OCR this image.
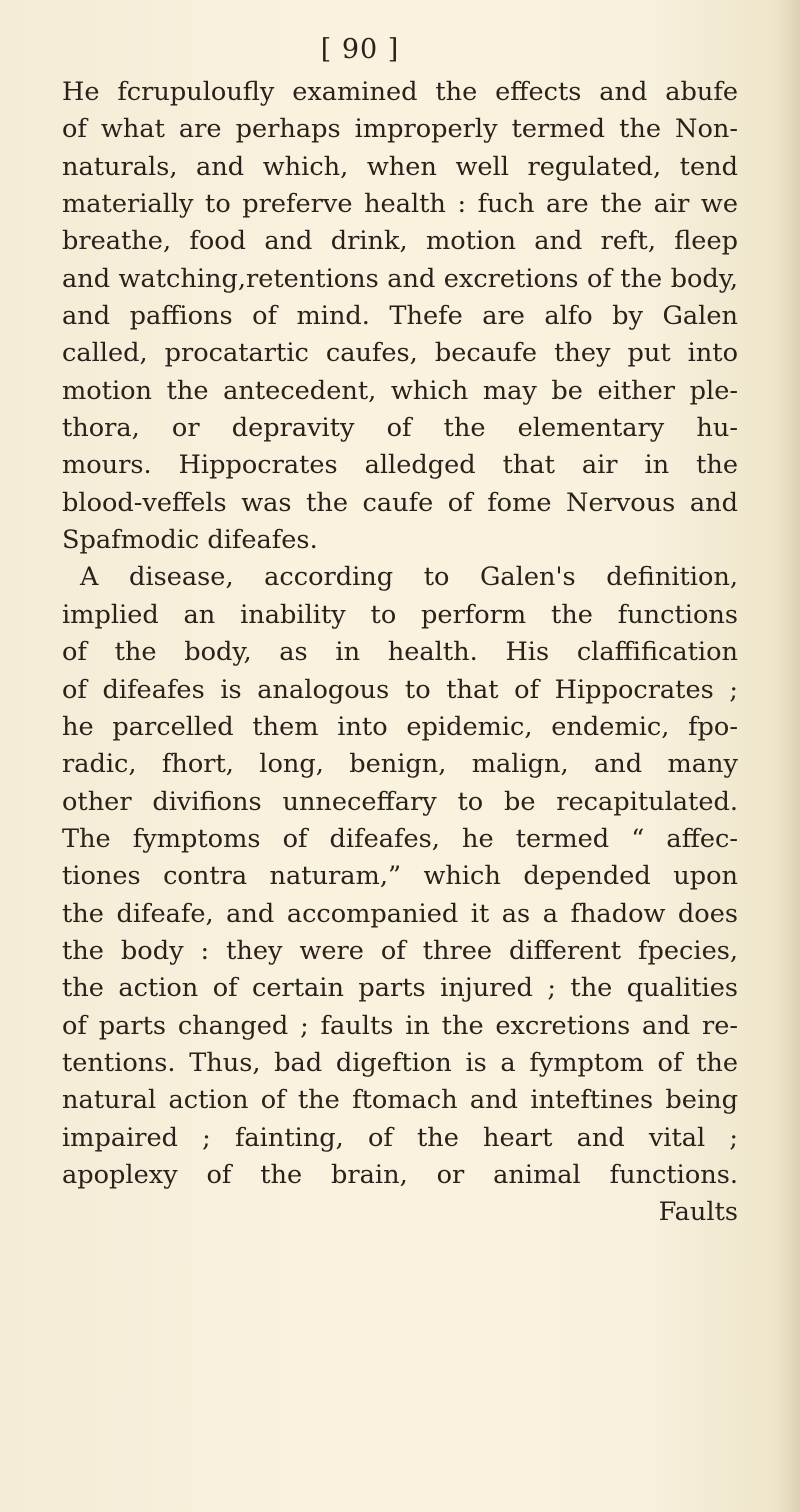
[ 90 ]
He fcrupuloufly examined the effects and abufe
of what are perhaps improperly termed the Non-
naturals, and which, when well regulated, tend
materially to preferve health : fuch are the air we
breathe, food and drink, motion and reft, fleep
and watching,retentions and excretions of the body,
and paffions of mind. Thefe are alfo by Galen
called, procatartic caufes, becaufe they put into
motion the antecedent, which may be either ple-
thora, or depravity of the elementary hu-
mours. Hippocrates alledged that air in the
blood-veffels was the caufe of fome Nervous and
Spafmodic difeafes.
A disease, according to Galen's definition,
implied an inability to perform the functions
of the body, as in health. His claffification
of difeafes is analogous to that of Hippocrates ;
he parcelled them into epidemic, endemic, fpo-
radic, fhort, long, benign, malign, and many
other divifions unneceffary to be recapitulated.
The fymptoms of difeafes, he termed “ affec-
tiones contra naturam,” which depended upon
the difeafe, and accompanied it as a fhadow does
the body : they were of three different fpecies,
the action of certain parts injured ; the qualities
of parts changed ; faults in the excretions and re-
tentions. Thus, bad digeftion is a fymptom of the
natural action of the ftomach and inteftines being
impaired ; fainting, of the heart and vital ;
apoplexy of the brain, or animal functions.
Faults
